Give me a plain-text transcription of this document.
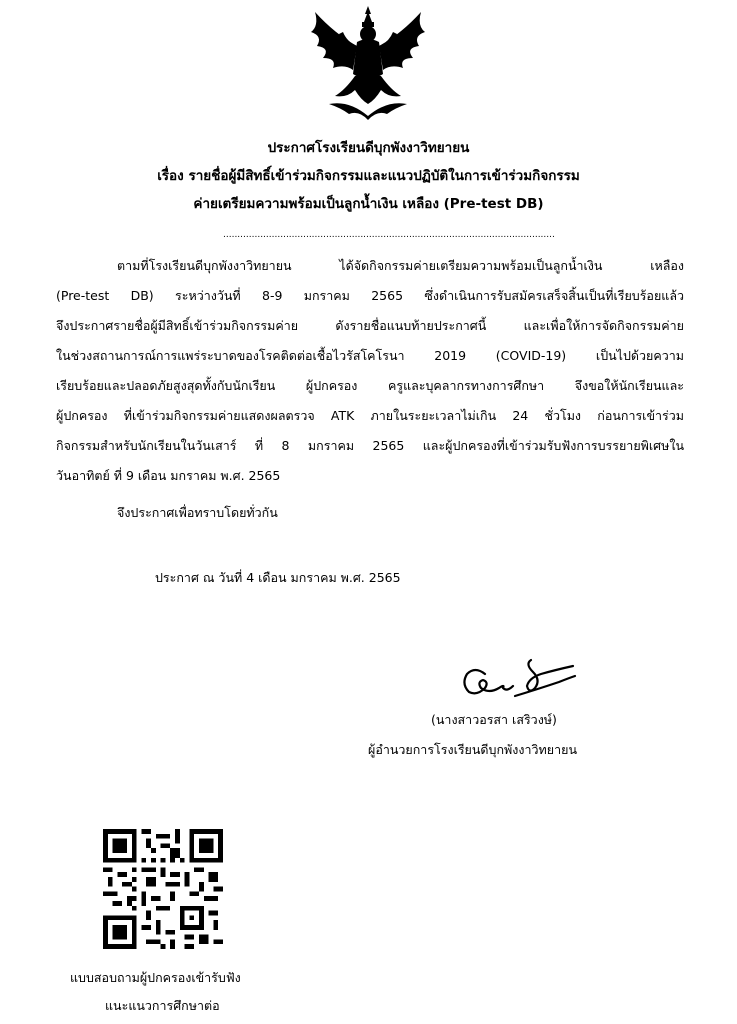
ประกาศโรงเรียนดีบุกพังงาวิทยายน
เรื่อง รายชื่อผู้มีสิทธิ์เข้าร่วมกิจกรรมและแนวปฏิบัติในการเข้าร่วมกิจกรรม
ค่ายเตรียมความพร้อมเป็นลูกน้ำเงิน เหลือง (Pre-test DB)
....................................................................................................................
ตามที่โรงเรียนดีบุกพังงาวิทยายน ได้จัดกิจกรรมค่ายเตรียมความพร้อมเป็นลูกน้ำเงิน เหลือง
(Pre-test DB) ระหว่างวันที่ 8-9 มกราคม 2565 ซึ่งดำเนินการรับสมัครเสร็จสิ้นเป็นที่เรียบร้อยแล้ว
จึงประกาศรายชื่อผู้มีสิทธิ์เข้าร่วมกิจกรรมค่าย ดังรายชื่อแนบท้ายประกาศนี้ และเพื่อให้การจัดกิจกรรมค่าย
ในช่วงสถานการณ์การแพร่ระบาดของโรคติดต่อเชื้อไวรัสโคโรนา 2019 (COVID-19) เป็นไปด้วยความ
เรียบร้อยและปลอดภัยสูงสุดทั้งกับนักเรียน ผู้ปกครอง ครูและบุคลากรทางการศึกษา จึงขอให้นักเรียนและ
ผู้ปกครอง ที่เข้าร่วมกิจกรรมค่ายแสดงผลตรวจ ATK ภายในระยะเวลาไม่เกิน 24 ชั่วโมง ก่อนการเข้าร่วม
กิจกรรมสำหรับนักเรียนในวันเสาร์ ที่ 8 มกราคม 2565 และผู้ปกครองที่เข้าร่วมรับฟังการบรรยายพิเศษใน
วันอาทิตย์ ที่ 9 เดือน มกราคม พ.ศ. 2565
จึงประกาศเพื่อทราบโดยทั่วกัน
ประกาศ ณ วันที่ 4 เดือน มกราคม พ.ศ. 2565
(นางสาวอรสา เสริวงษ์)
ผู้อำนวยการโรงเรียนดีบุกพังงาวิทยายน
แบบสอบถามผู้ปกครองเข้ารับฟัง
แนะแนวการศึกษาต่อ
